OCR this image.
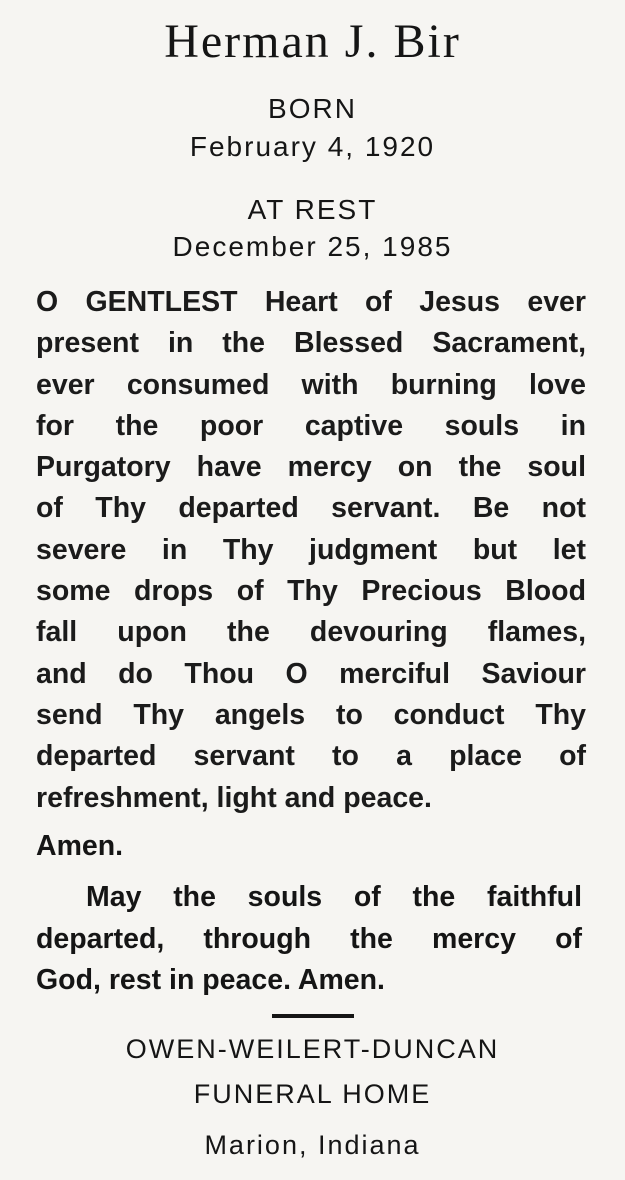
Herman J. Bir
BORN
February 4, 1920
AT REST
December 25, 1985
O GENTLEST Heart of Jesus ever
present in the Blessed Sacrament,
ever consumed with burning love
for the poor captive souls in
Purgatory have mercy on the soul
of Thy departed servant. Be not
severe in Thy judgment but let
some drops of Thy Precious Blood
fall upon the devouring flames,
and do Thou O merciful Saviour
send Thy angels to conduct Thy
departed servant to a place of
refreshment, light and peace.
Amen.
May the souls of the faithful
departed, through the mercy of
God, rest in peace. Amen.
OWEN-WEILERT-DUNCAN
FUNERAL HOME
Marion, Indiana
